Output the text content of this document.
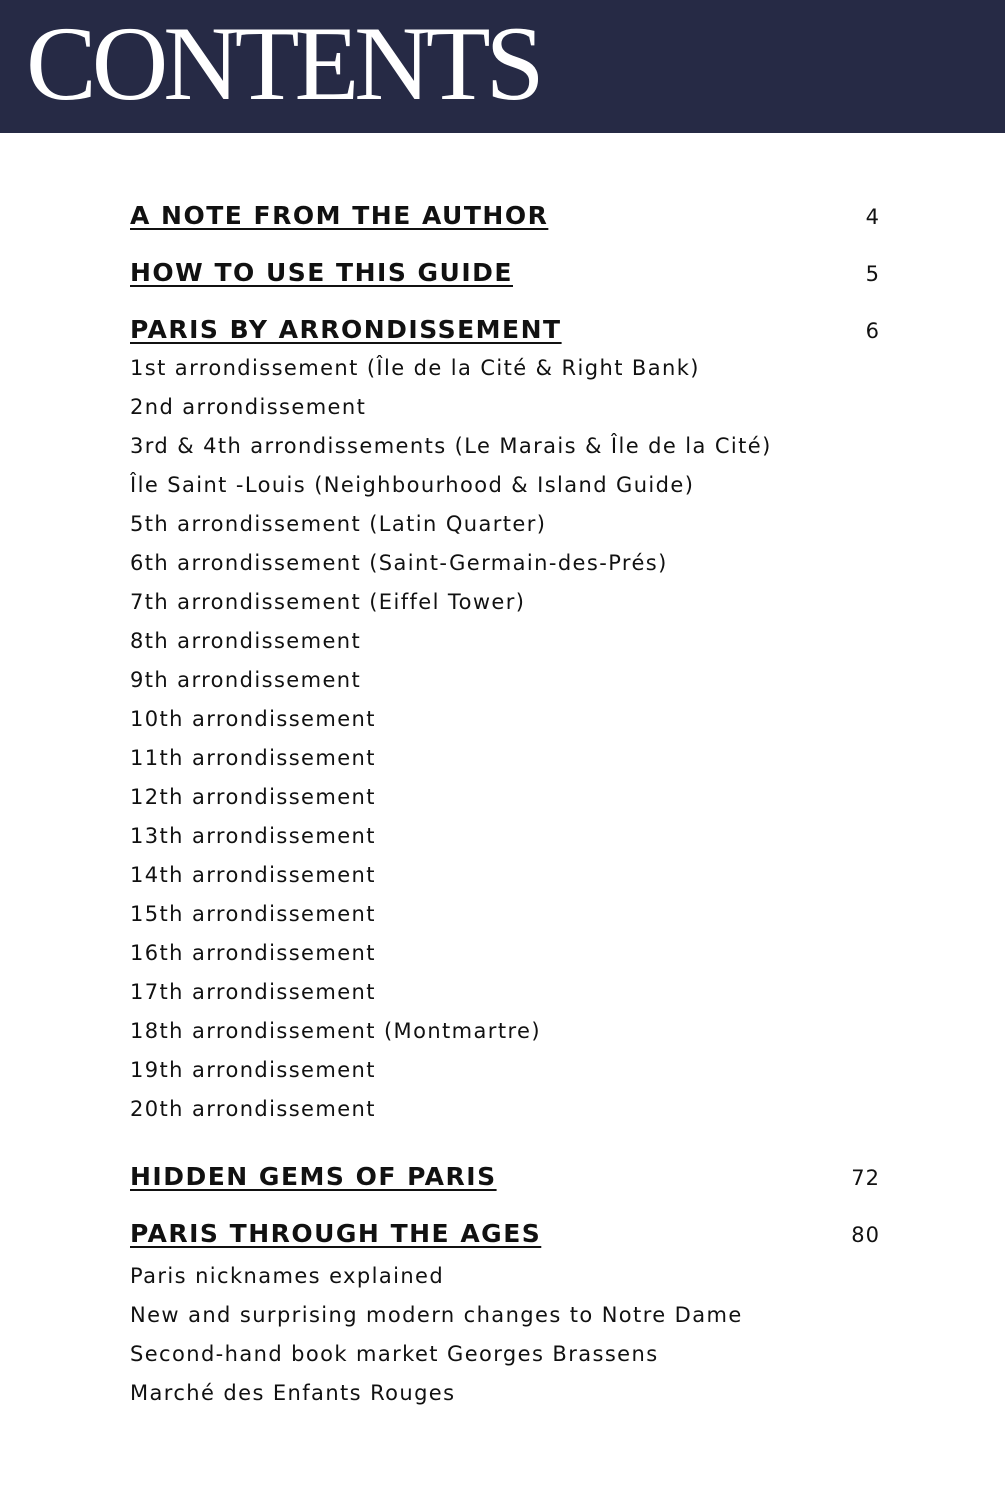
CONTENTS
A NOTE FROM THE AUTHOR	4
HOW TO USE THIS GUIDE	5
PARIS BY ARRONDISSEMENT	6
1st arrondissement (Île de la Cité & Right Bank)
2nd arrondissement
3rd & 4th arrondissements (Le Marais & Île de la Cité)
Île Saint -Louis (Neighbourhood & Island Guide)
5th arrondissement (Latin Quarter)
6th arrondissement (Saint-Germain-des-Prés)
7th arrondissement (Eiffel Tower)
8th arrondissement
9th arrondissement
10th arrondissement
11th arrondissement
12th arrondissement
13th arrondissement
14th arrondissement
15th arrondissement
16th arrondissement
17th arrondissement
18th arrondissement (Montmartre)
19th arrondissement
20th arrondissement
HIDDEN GEMS OF PARIS	72
PARIS THROUGH THE AGES	80
Paris nicknames explained
New and surprising modern changes to Notre Dame
Second-hand book market Georges Brassens
Marché des Enfants Rouges
